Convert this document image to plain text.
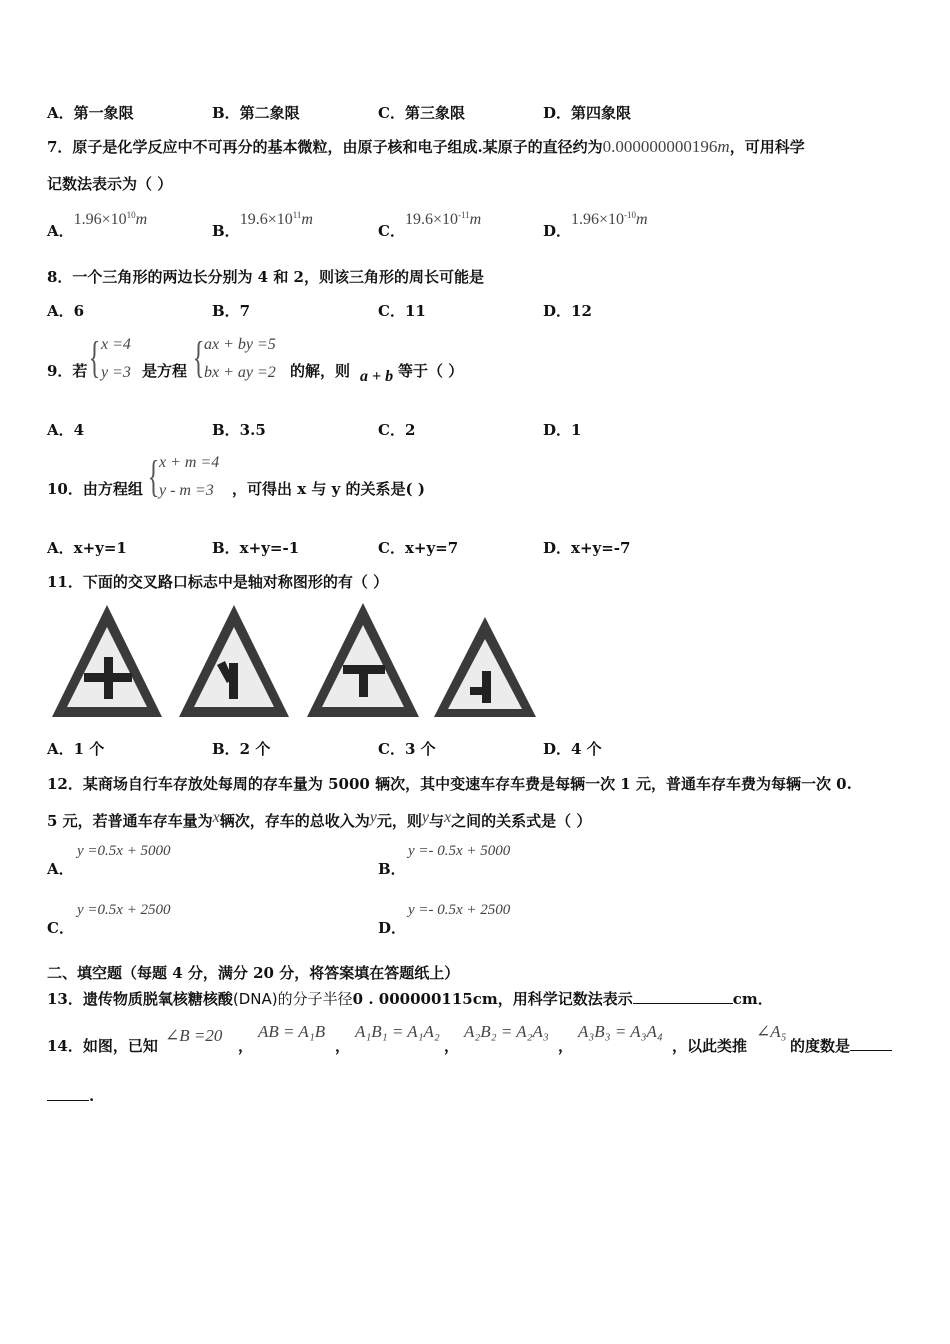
A．第一象限	B．第二象限	C．第三象限	D．第四象限
7．原子是化学反应中不可再分的基本微粒，由原子核和电子组成.某原子的直径约为0.000000000196m，可用科学
记数法表示为（ ）
A．$1.96\times 10^{10}m$
B．$19.6\times 10^{11}m$
C．$19.6\times 10^{-11}m$
D．$1.96\times 10^{-10}m$
8．一个三角形的两边长分别为 4 和 2，则该三角形的周长可能是
A．6	B．7	C．11	D．12
9．若 { x =4
y =3 是方程 { ax + by =5
bx + ay =2 的解，则 a + b 等于（ ）
A．4	B．3.5	C．2	D．1
10．由方程组 { x + m =4
y - m =3 ，可得出 x 与 y 的关系是( )
A．x+y=1	B．x+y=-1	C．x+y=7	D．x+y=-7
11．下面的交叉路口标志中是轴对称图形的有（ ）
A．1 个	B．2 个	C．3 个	D．4 个
12．某商场自行车存放处每周的存车量为 5000 辆次，其中变速车存车费是每辆一次 1 元，普通车存车费为每辆一次 0.
5 元，若普通车存车量为x辆次，存车的总收入为y元，则y与x之间的关系式是（ ）
A．
y =0.5x + 5000
B．
y =- 0.5x + 5000
C．
y =0.5x + 2500
D．
y =- 0.5x + 2500
二、填空题（每题 4 分，满分 20 分，将答案填在答题纸上）
13．遗传物质脱氧核糖核酸(DNA)的分子半径0 . 000000115cm，用科学记数法表示	cm．
14．如图，已知
∠B =20
，
AB = A₁B
，
A₁B₁ = A₁A₂
，
A₂B₂ = A₂A₃
，
A₃B₃ = A₃A₄
，以此类推
∠A₅
的度数是
.
